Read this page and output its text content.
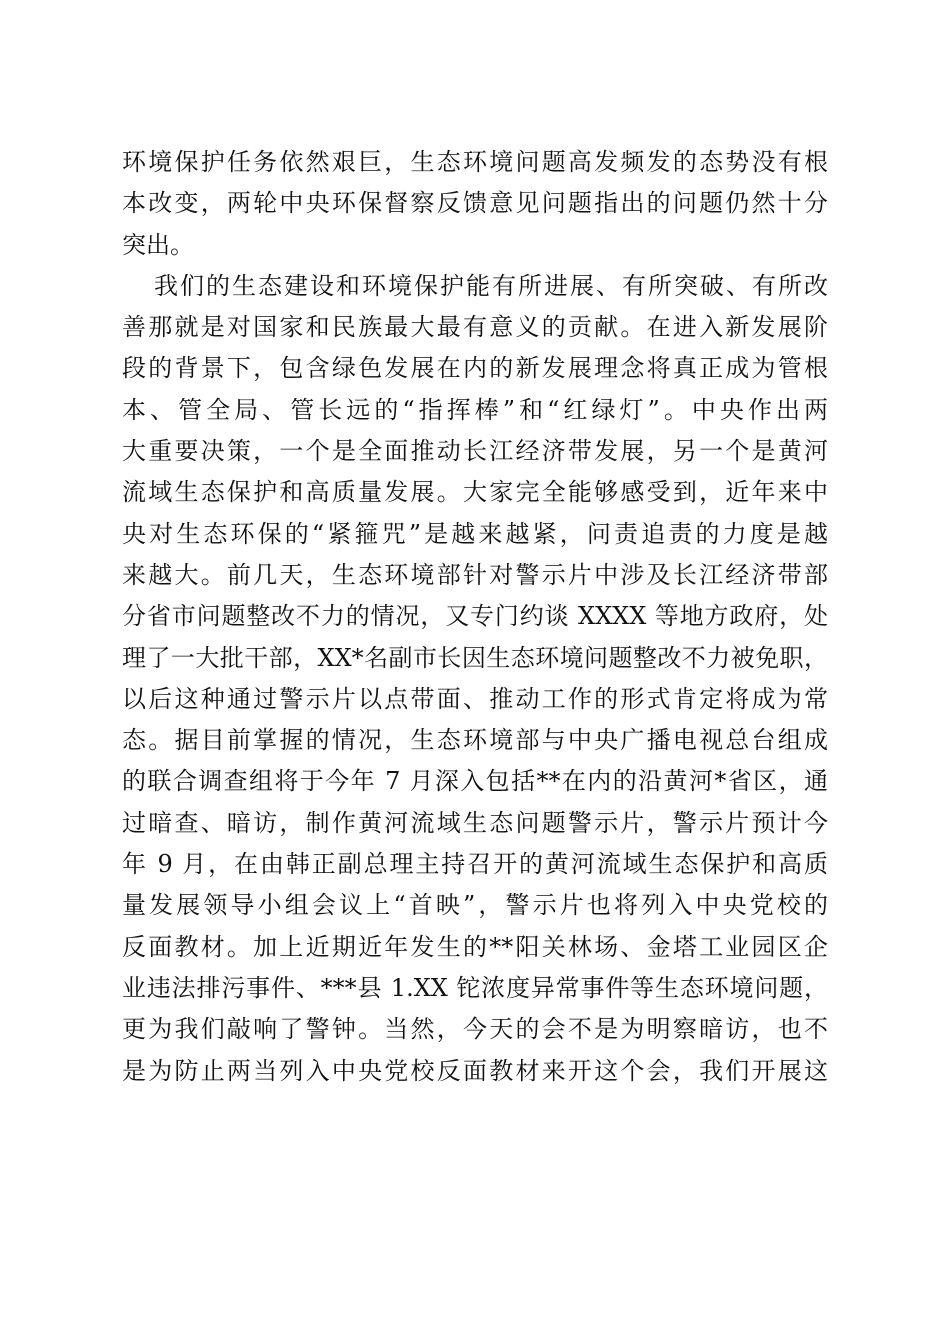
环境保护任务依然艰巨，生态环境问题高发频发的态势没有根
本改变，两轮中央环保督察反馈意见问题指出的问题仍然十分
突出。
我们的生态建设和环境保护能有所进展、有所突破、有所改
善那就是对国家和民族最大最有意义的贡献。在进入新发展阶
段的背景下，包含绿色发展在内的新发展理念将真正成为管根
本、管全局、管长远的“指挥棒”和“红绿灯”。中央作出两
大重要决策，一个是全面推动长江经济带发展，另一个是黄河
流域生态保护和高质量发展。大家完全能够感受到，近年来中
央对生态环保的“紧箍咒”是越来越紧，问责追责的力度是越
来越大。前几天，生态环境部针对警示片中涉及长江经济带部
分省市问题整改不力的情况，又专门约谈 XXXX 等地方政府，处
理了一大批干部，XX*名副市长因生态环境问题整改不力被免职，
以后这种通过警示片以点带面、推动工作的形式肯定将成为常
态。据目前掌握的情况，生态环境部与中央广播电视总台组成
的联合调查组将于今年 7 月深入包括**在内的沿黄河*省区，通
过暗查、暗访，制作黄河流域生态问题警示片，警示片预计今
年 9 月，在由韩正副总理主持召开的黄河流域生态保护和高质
量发展领导小组会议上“首映”，警示片也将列入中央党校的
反面教材。加上近期近年发生的**阳关林场、金塔工业园区企
业违法排污事件、***县 1.XX 铊浓度异常事件等生态环境问题，
更为我们敲响了警钟。当然，今天的会不是为明察暗访，也不
是为防止两当列入中央党校反面教材来开这个会，我们开展这
